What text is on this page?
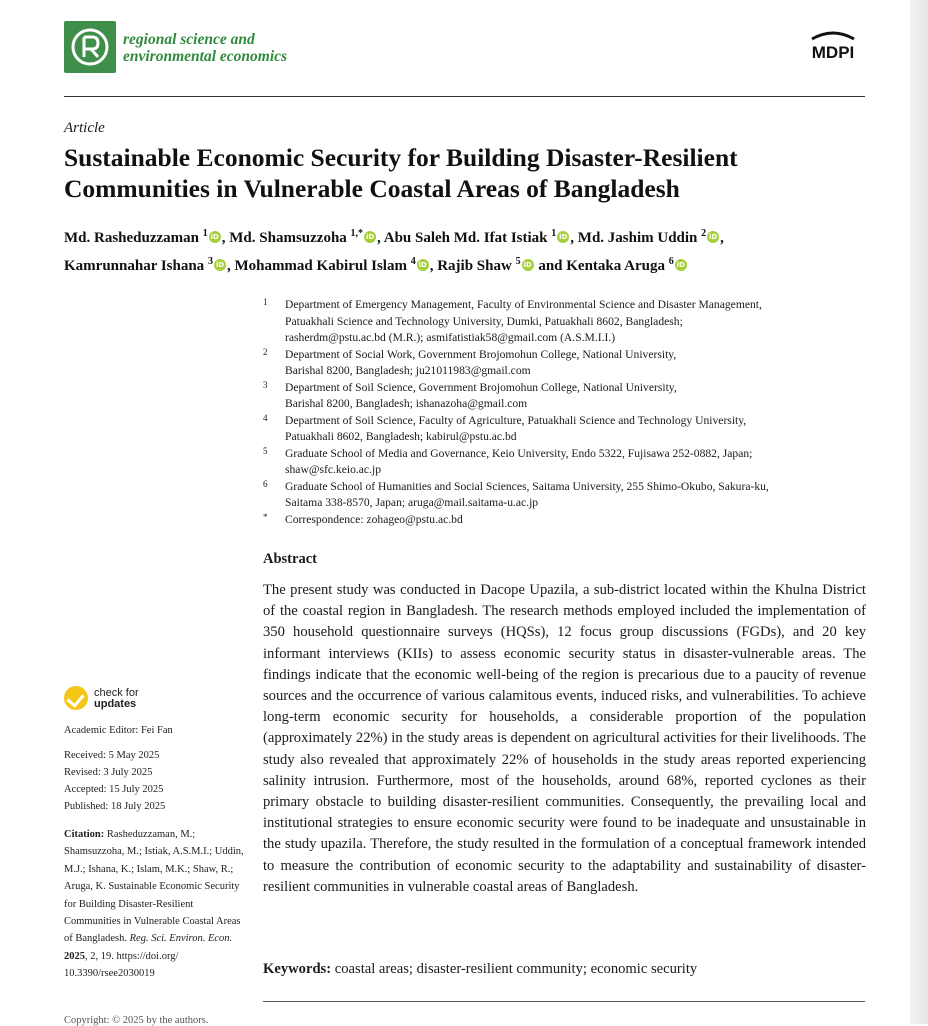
regional science and
environmental economics	MDPI
Article
Sustainable Economic Security for Building Disaster-Resilient Communities in Vulnerable Coastal Areas of Bangladesh
Md. Rasheduzzaman $^1$ iD , Md. Shamsuzzoha $^{1,*}$ iD , Abu Saleh Md. Ifat Istiak $^1$ iD , Md. Jashim Uddin $^2$ iD ,
Kamrunnahar Ishana $^3$ iD , Mohammad Kabirul Islam $^4$ iD , Rajib Shaw $^5$ iD and Kentaka Aruga $^6$ iD
1 Department of Emergency Management, Faculty of Environmental Science and Disaster Management,
Patuakhali Science and Technology University, Dumki, Patuakhali 8602, Bangladesh;
rasherdm@pstu.ac.bd (M.R.); asmifatistiak58@gmail.com (A.S.M.I.I.)
2 Department of Social Work, Government Brojomohun College, National University,
Barishal 8200, Bangladesh; ju21011983@gmail.com
3 Department of Soil Science, Government Brojomohun College, National University,
Barishal 8200, Bangladesh; ishanazoha@gmail.com
4 Department of Soil Science, Faculty of Agriculture, Patuakhali Science and Technology University,
Patuakhali 8602, Bangladesh; kabirul@pstu.ac.bd
5 Graduate School of Media and Governance, Keio University, Endo 5322, Fujisawa 252-0882, Japan;
shaw@sfc.keio.ac.jp
6 Graduate School of Humanities and Social Sciences, Saitama University, 255 Shimo-Okubo, Sakura-ku,
Saitama 338-8570, Japan; aruga@mail.saitama-u.ac.jp
* Correspondence: zohageo@pstu.ac.bd
Abstract
The present study was conducted in Dacope Upazila, a sub-district located within the Khulna District of the coastal region in Bangladesh. The research methods employed included the implementation of 350 household questionnaire surveys (HQSs), 12 focus group discussions (FGDs), and 20 key informant interviews (KIIs) to assess economic security status in disaster-vulnerable areas. The findings indicate that the economic well-being of the region is precarious due to a paucity of revenue sources and the occurrence of various calamitous events, induced risks, and vulnerabilities. To achieve long-term economic security for households, a considerable proportion of the population (approximately 22%) in the study areas is dependent on agricultural activities for their livelihoods. The study also revealed that approximately 22% of households in the study areas reported experiencing salinity intrusion. Furthermore, most of the households, around 68%, reported cyclones as their primary obstacle to building disaster-resilient communities. Consequently, the prevailing local and institutional strategies to ensure economic security were found to be inadequate and unsustainable in the study upazila. Therefore, the study resulted in the formulation of a conceptual framework intended to measure the contribution of economic security to the adaptability and sustainability of disaster-resilient communities in vulnerable coastal areas of Bangladesh.
Keywords: coastal areas; disaster-resilient community; economic security
check for
updates
Academic Editor: Fei Fan
Received: 5 May 2025
Revised: 3 July 2025
Accepted: 15 July 2025
Published: 18 July 2025
Citation: Rasheduzzaman, M.; Shamsuzzoha, M.; Istiak, A.S.M.I.; Uddin, M.J.; Ishana, K.; Islam, M.K.; Shaw, R.; Aruga, K. Sustainable Economic Security for Building Disaster-Resilient Communities in Vulnerable Coastal Areas of Bangladesh. Reg. Sci. Environ. Econ. 2025, 2, 19. https://doi.org/ 10.3390/rsee2030019
Copyright: © 2025 by the authors.
